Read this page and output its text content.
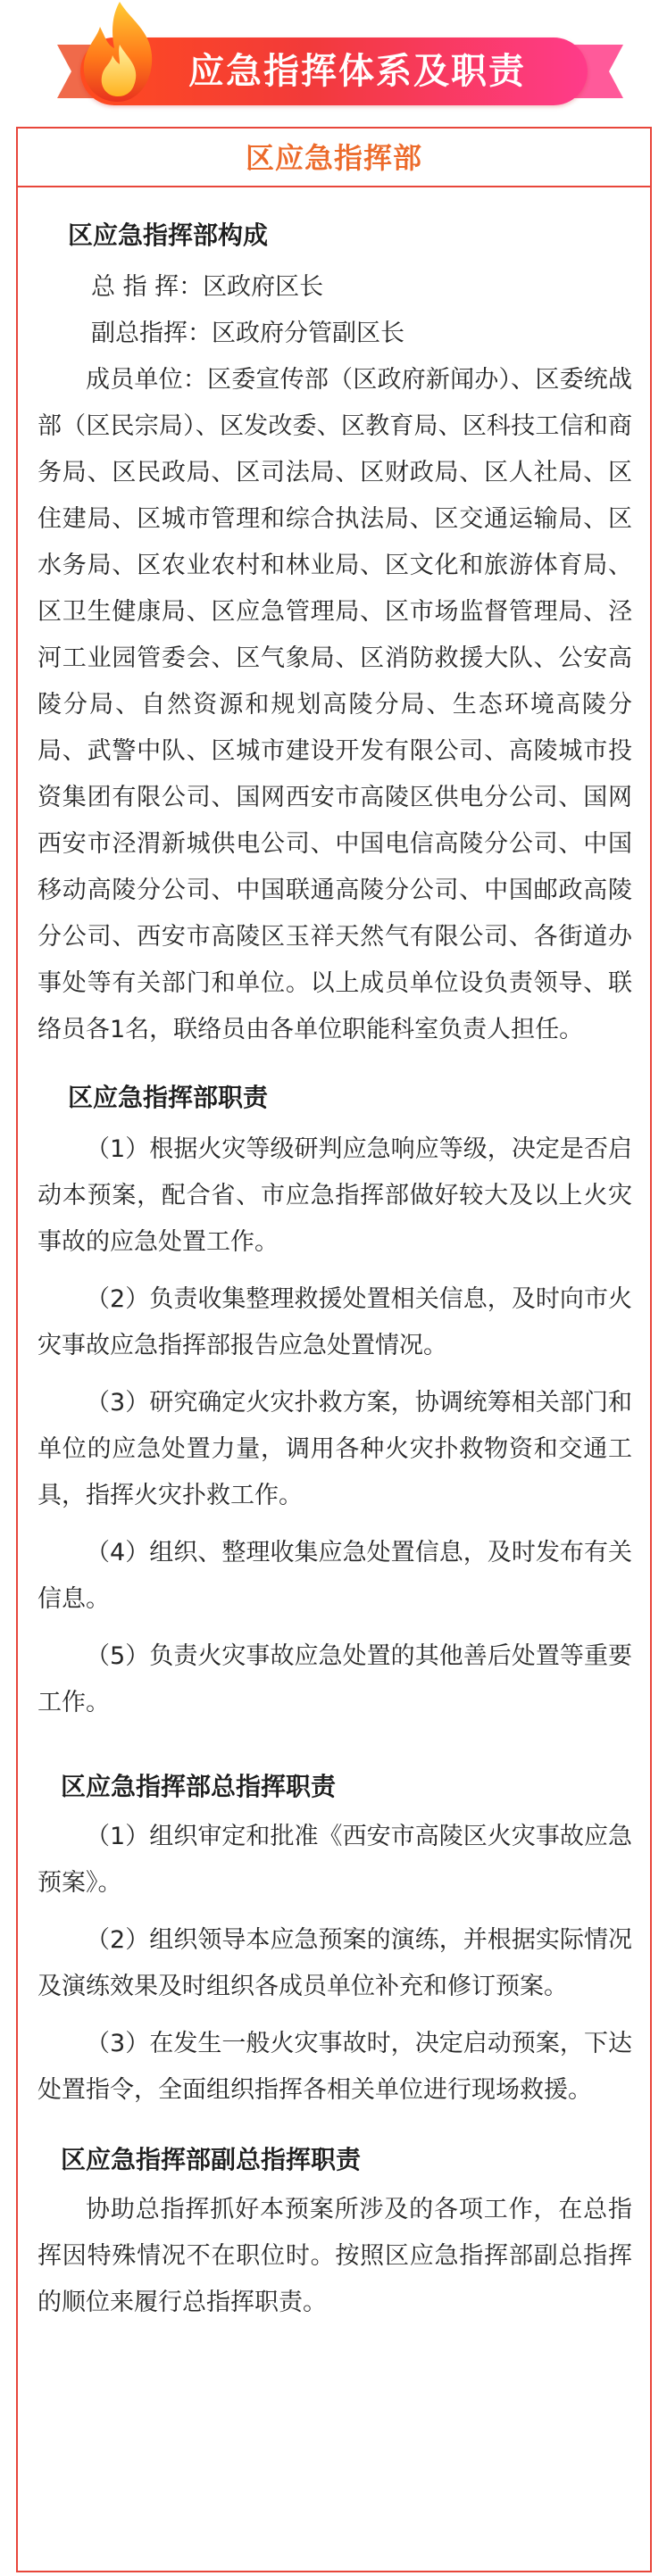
应急指挥体系及职责
区应急指挥部
区应急指挥部构成
总 指 挥：区政府区长
副总指挥：区政府分管副区长
成员单位：区委宣传部（区政府新闻办）、区委统战部（区民宗局）、区发改委、区教育局、区科技工信和商务局、区民政局、区司法局、区财政局、区人社局、区住建局、区城市管理和综合执法局、区交通运输局、区水务局、区农业农村和林业局、区文化和旅游体育局、区卫生健康局、区应急管理局、区市场监督管理局、泾河工业园管委会、区气象局、区消防救援大队、公安高陵分局、自然资源和规划高陵分局、生态环境高陵分局、武警中队、区城市建设开发有限公司、高陵城市投资集团有限公司、国网西安市高陵区供电分公司、国网西安市泾渭新城供电公司、中国电信高陵分公司、中国移动高陵分公司、中国联通高陵分公司、中国邮政高陵分公司、西安市高陵区玉祥天然气有限公司、各街道办事处等有关部门和单位。以上成员单位设负责领导、联络员各1名，联络员由各单位职能科室负责人担任。
区应急指挥部职责
（1）根据火灾等级研判应急响应等级，决定是否启动本预案，配合省、市应急指挥部做好较大及以上火灾事故的应急处置工作。
（2）负责收集整理救援处置相关信息，及时向市火灾事故应急指挥部报告应急处置情况。
（3）研究确定火灾扑救方案，协调统筹相关部门和单位的应急处置力量，调用各种火灾扑救物资和交通工具，指挥火灾扑救工作。
（4）组织、整理收集应急处置信息，及时发布有关信息。
（5）负责火灾事故应急处置的其他善后处置等重要工作。
区应急指挥部总指挥职责
（1）组织审定和批准《西安市高陵区火灾事故应急预案》。
（2）组织领导本应急预案的演练，并根据实际情况及演练效果及时组织各成员单位补充和修订预案。
（3）在发生一般火灾事故时，决定启动预案，下达处置指令，全面组织指挥各相关单位进行现场救援。
区应急指挥部副总指挥职责
协助总指挥抓好本预案所涉及的各项工作，在总指挥因特殊情况不在职位时。按照区应急指挥部副总指挥的顺位来履行总指挥职责。
